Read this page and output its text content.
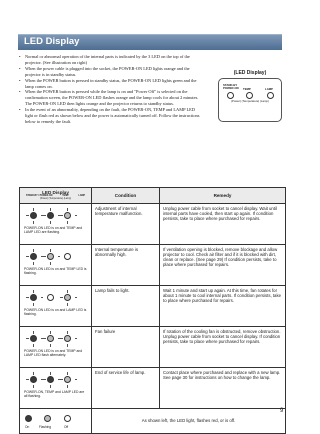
LED Display
• Normal or abnormal operation of the internal parts is indicated by the 3 LED on the top of the projector. (See illustration on right)
• When the power cable is plugged into the socket, the POWER-ON LED lights orange and the projector is in standby status.
• When the POWER button is pressed in standby status, the POWER-ON LED lights green and the lamp comes on.
• When the POWER button is pressed while the lamp is on and "Power Off" is selected on the confirmation screen, the POWER-ON LED flashes orange and the lamp cools for about 2 minutes. The POWER-ON LED then lights orange and the projector returns to standby status.
• In the event of an abnormality, depending on the fault, the POWER-ON, TEMP and LAMP LED light or flash red as shown below and the power is automatically turned off. Follow the instructions below to remedy the fault.
(LED Display)
STAND-BY
POWER-ON TEMP	LAMP
(Power) (Temperature) (Lamp)
LED Display
STAND-BY / POWER-ON TEMP LAMP
(Power) (Temperature) (Lamp)	Condition	Remedy

POWER-ON LED is on and TEMP and LAMP LED are flashing.	Adjustment of internal temperature malfunction.	Unplug power cable from socket to cancel display. Wait until internal parts have cooled, then start up again. If condition persists, take to place where purchased for repairs.

POWER-ON LED is on and TEMP LED is flashing.	Internal temperature is abnormally high.	If ventilation opening is blocked, remove blockage and allow projector to cool. Check air filter and if it is blocked with dirt, clean or replace. (See page 29) If condition persists, take to place where purchased for repairs.

POWER-ON LED is on and LAMP LED is flashing.	Lamp fails to light.	Wait 1 minute and start up again. At this time, fan rotates for about 1 minute to cool internal parts. If condition persists, take to place where purchased for repairs.

POWER-ON LED is on and TEMP and LAMP LED flash alternately.	Fan failure	If rotation of the cooling fan is obstructed, remove obstruction. Unplug power cable from socket to cancel display. If condition persists, take to place where purchased for repairs.

POWER-ON, TEMP and LAMP LED are all flashing.	End of service life of lamp.	Contact place where purchased and replace with a new lamp. See page 30 for instructions on how to change the lamp.

On Flashing Off	As shown left, the LED light, flashes red, or is off.	
9
